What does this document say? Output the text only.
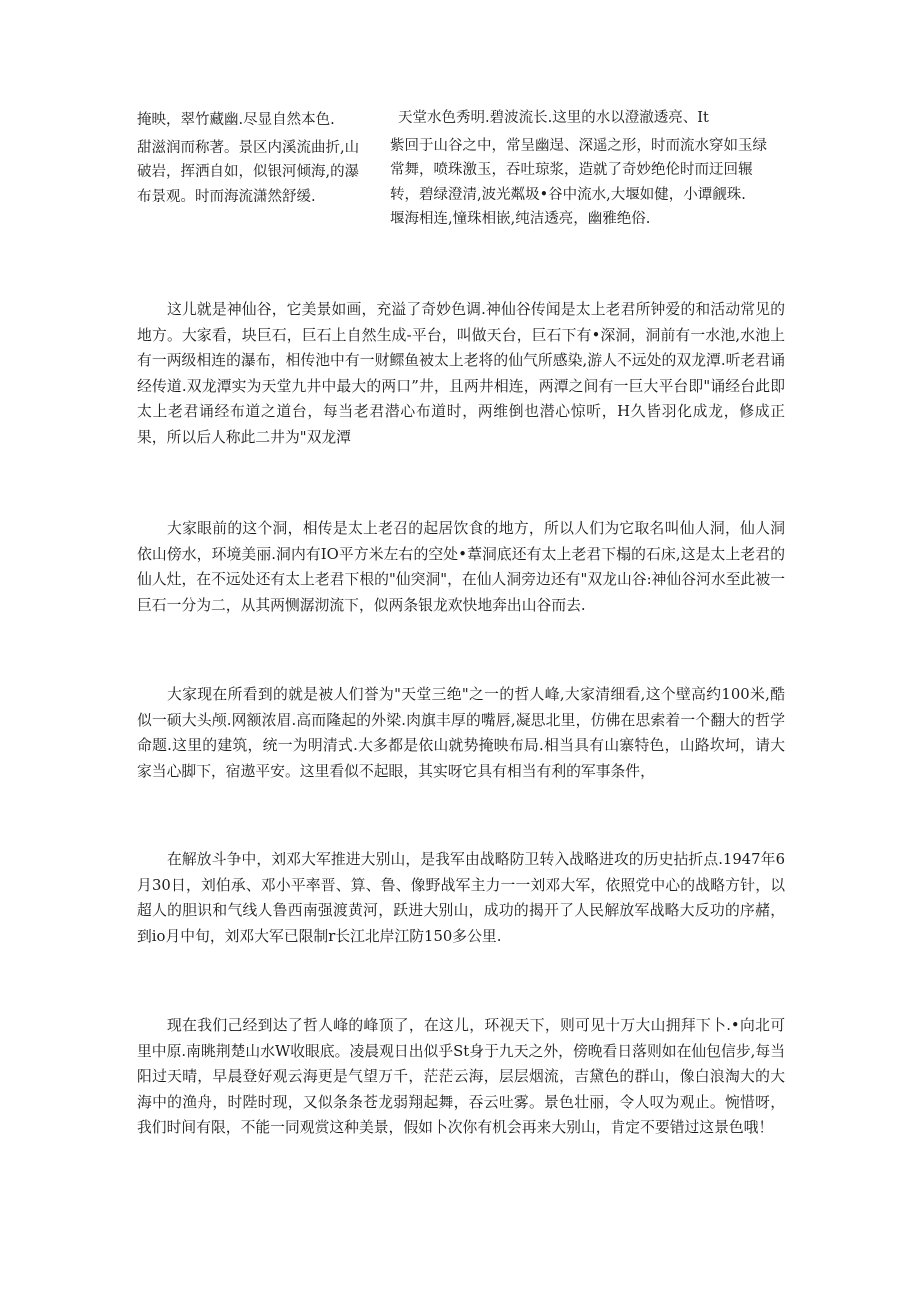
掩映，翠竹藏幽.尽显自然本色.
甜滋润而称著。景区内溪流曲折,山
破岩，挥洒自如，似银河倾海,的瀑
布景观。时而海流潇然舒缓.
天堂水色秀明.碧波流长.这里的水以澄澈透亮、It
紫回于山谷之中，常呈幽逞、深遥之形，时而流水穿如玉绿
常舞，喷珠激玉，吞吐琼浆，造就了奇妙绝伦时而迂回辗
转，碧绿澄清,波光粼圾•谷中流水,大堰如健，小谭觎珠.
堰海相连,憧珠相嵌,纯洁透亮，幽雅绝俗.

这儿就是神仙谷，它美景如画，充溢了奇妙色调.神仙谷传闻是太上老君所钟爱的和活动常见的地方。大家看，块巨石，巨石上自然生成-平台，叫做天台，巨石下有•深洞，洞前有一水池,水池上有一两级相连的瀑布，相传池中有一财鳏鱼被太上老将的仙气所感染,游人不远处的双龙潭.听老君诵经传道.双龙潭实为天堂九井中最大的两口”井，且两井相连，两潭之间有一巨大平台即"诵经台此即太上老君诵经布道之道台，每当老君潜心布道时，两维倒也潜心惊听，H久皆羽化成龙，修成正果，所以后人称此二井为"双龙潭

大家眼前的这个洞，相传是太上老召的起居饮食的地方，所以人们为它取名叫仙人洞，仙人洞依山傍水，环境美丽.洞内有IO平方米左右的空处•葦洞底还有太上老君下榻的石床,这是太上老君的仙人灶，在不远处还有太上老君下根的"仙突洞"，在仙人洞旁边还有"双龙山谷:神仙谷河水至此被一巨石一分为二，从其两恻潺沏流下，似两条银龙欢快地奔出山谷而去.

大家现在所看到的就是被人们誉为"天堂三绝"之一的哲人峰,大家清细看,这个壁高约100米,酷似一硕大头颅.网额浓眉.高而隆起的外梁.肉旗丰厚的嘴唇,凝思北里，仿佛在思索着一个翻大的哲学命题.这里的建筑，统一为明清式.大多都是依山就势掩映布局.相当具有山寨特色，山路坎坷，请大家当心脚下，宿遨平安。这里看似不起眼，其实呀它具有相当有利的军事条件，

在解放斗争中，刘邓大军推进大别山，是我军由战略防卫转入战略进攻的历史拈折点.1947年6月30日，刘伯承、邓小平率晋、算、鲁、像野战军主力一一刘邓大军，依照党中心的战略方针，以超人的胆识和气线人鲁西南强渡黄河，跃进大别山，成功的揭开了人民解放军战略大反功的序赭，到io月中旬，刘邓大军已限制r长江北岸江防150多公里.

现在我们己经到达了哲人峰的峰顶了，在这儿，环视天下，则可见十万大山拥拜下卜.•向北可里中原.南眺荆楚山水W收眼底。凌晨观日出似乎St身于九天之外，傍晚看日落则如在仙包信步,每当阳过天晴，早晨登好观云海更是气望万千，茫茫云海，层层烟流，吉黛色的群山，像白浪淘大的大海中的渔舟，时陛时现，又似条条苍龙弱翔起舞，吞云吐雾。景色壮丽，令人叹为观止。惋惜呀，我们时间有限，不能一同观赏这种美景，假如卜次你有机会再来大别山，肯定不要错过这景色哦！
